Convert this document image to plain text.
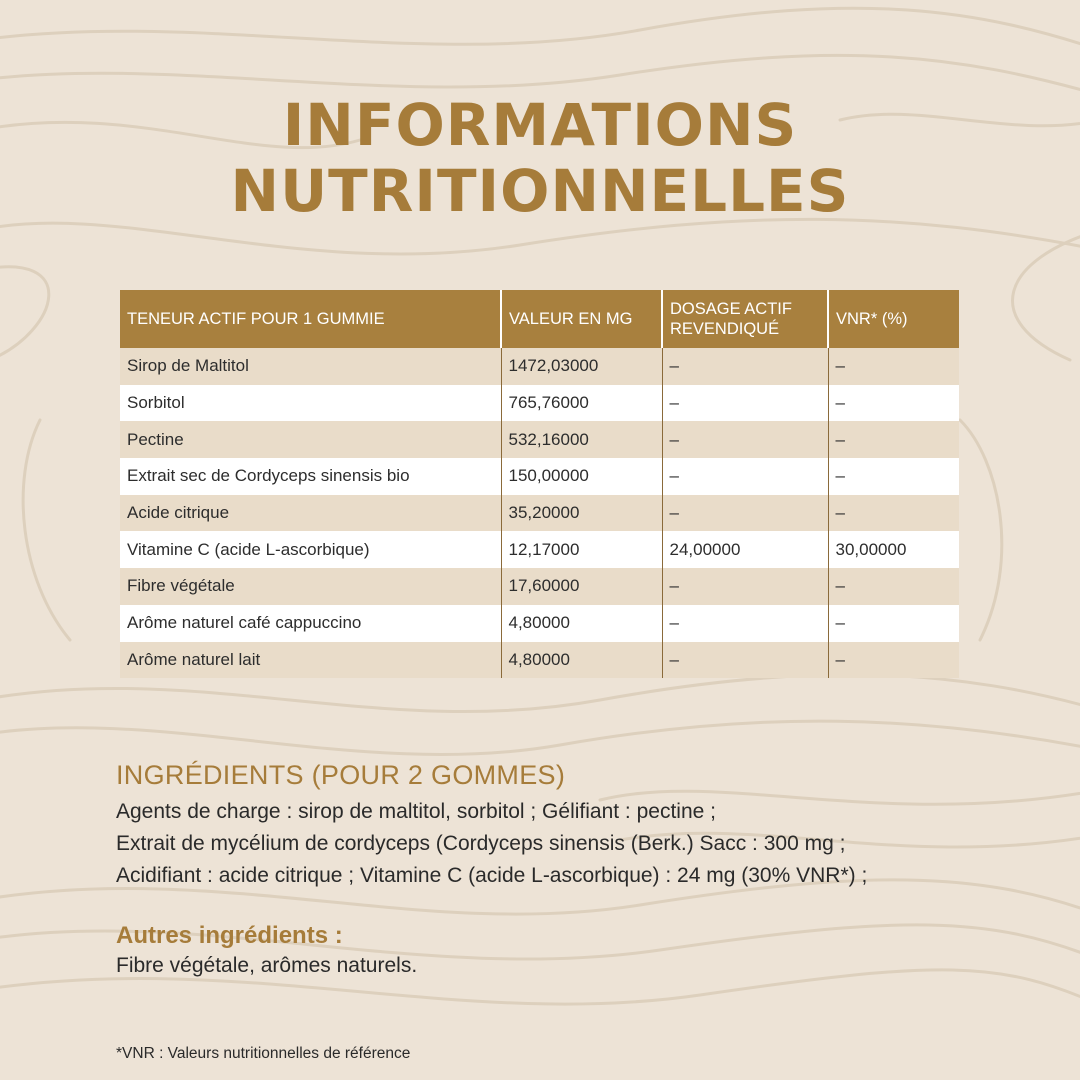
INFORMATIONS
NUTRITIONNELLES
TENEUR ACTIF POUR 1 GUMMIE	VALEUR EN MG	DOSAGE ACTIF REVENDIQUÉ	VNR* (%)
Sirop de Maltitol	1472,03000	–	–
Sorbitol	765,76000	–	–
Pectine	532,16000	–	–
Extrait sec de Cordyceps sinensis bio	150,00000	–	–
Acide citrique	35,20000	–	–
Vitamine C (acide L-ascorbique)	12,17000	24,00000	30,00000
Fibre végétale	17,60000	–	–
Arôme naturel café cappuccino	4,80000	–	–
Arôme naturel lait	4,80000	–	–
INGRÉDIENTS (POUR 2 GOMMES)
Agents de charge : sirop de maltitol, sorbitol ; Gélifiant : pectine ;
Extrait de mycélium de cordyceps (Cordyceps sinensis (Berk.) Sacc : 300 mg ;
Acidifiant : acide citrique ; Vitamine C (acide L-ascorbique) : 24 mg (30% VNR*) ;
Autres ingrédients :
Fibre végétale, arômes naturels.
*VNR : Valeurs nutritionnelles de référence
